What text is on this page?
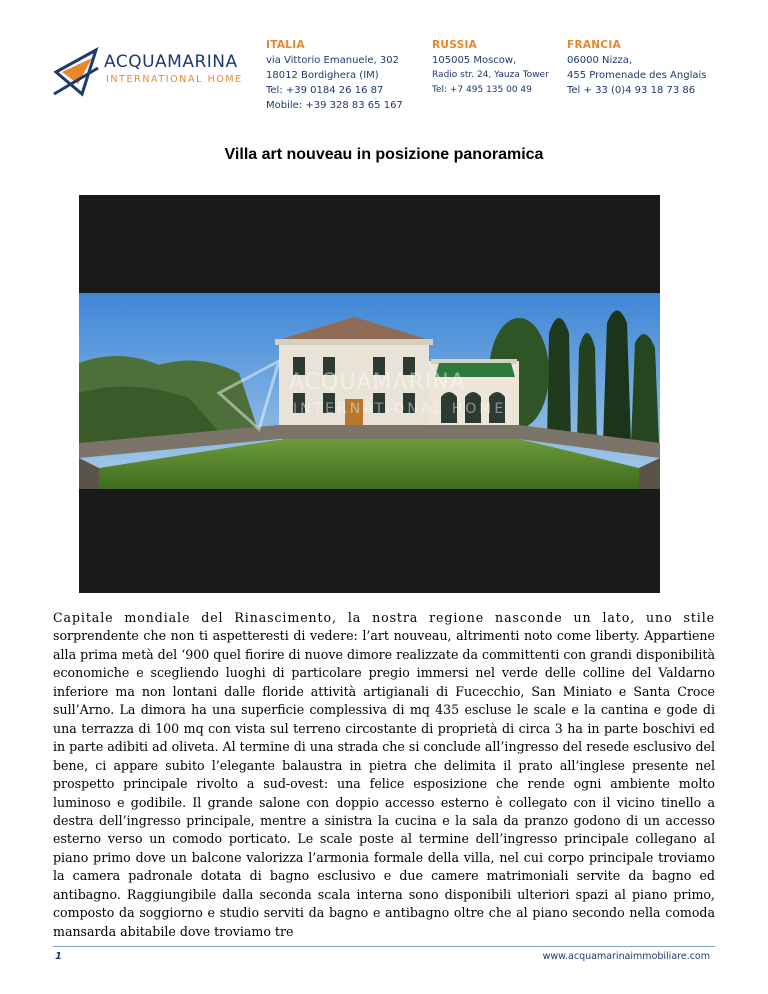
ACQUAMARINA
INTERNATIONAL HOME
ITALIA
via Vittorio Emanuele, 302
18012 Bordighera (IM)
Tel: +39 0184 26 16 87
Mobile: +39 328 83 65 167
RUSSIA
105005 Moscow,
Radio str. 24, Yauza Tower
Tel: +7 495 135 00 49
FRANCIA
06000 Nizza,
455 Promenade des Anglais
Tel + 33 (0)4 93 18 73 86
Villa art nouveau in posizione panoramica
ACQUAMARINA
INTERNATIONAL HOME

Capitale mondiale del Rinascimento, la nostra regione nasconde un lato, uno stile sorprendente che non ti aspetteresti di vedere: l’art nouveau, altrimenti noto come liberty. Appartiene alla prima metà del ‘900 quel fiorire di nuove dimore realizzate da committenti con grandi disponibilità economiche e scegliendo luoghi di particolare pregio immersi nel verde delle colline del Valdarno inferiore ma non lontani dalle floride attività artigianali di Fucecchio, San Miniato e Santa Croce sull’Arno. La dimora ha una superficie complessiva di mq 435 escluse le scale e la cantina e gode di una terrazza di 100 mq con vista sul terreno circostante di proprietà di circa 3 ha in parte boschivi ed in parte adibiti ad oliveta. Al termine di una strada che si conclude all’ingresso del resede esclusivo del bene, ci appare subito l’elegante balaustra in pietra che delimita il prato all’inglese presente nel prospetto principale rivolto a sud-ovest: una felice esposizione che rende ogni ambiente molto luminoso e godibile. Il grande salone con doppio accesso esterno è collegato con il vicino tinello a destra dell’ingresso principale, mentre a sinistra la cucina e la sala da pranzo godono di un accesso esterno verso un comodo porticato. Le scale poste al termine dell’ingresso principale collegano al piano primo dove un balcone valorizza l’armonia formale della villa, nel cui corpo principale troviamo la camera padronale dotata di bagno esclusivo e due camere matrimoniali servite da bagno ed antibagno. Raggiungibile dalla seconda scala interna sono disponibili ulteriori spazi al piano primo, composto da soggiorno e studio serviti da bagno e antibagno oltre che al piano secondo nella comoda mansarda abitabile dove troviamo tre

1	www.acquamarinaimmobiliare.com
